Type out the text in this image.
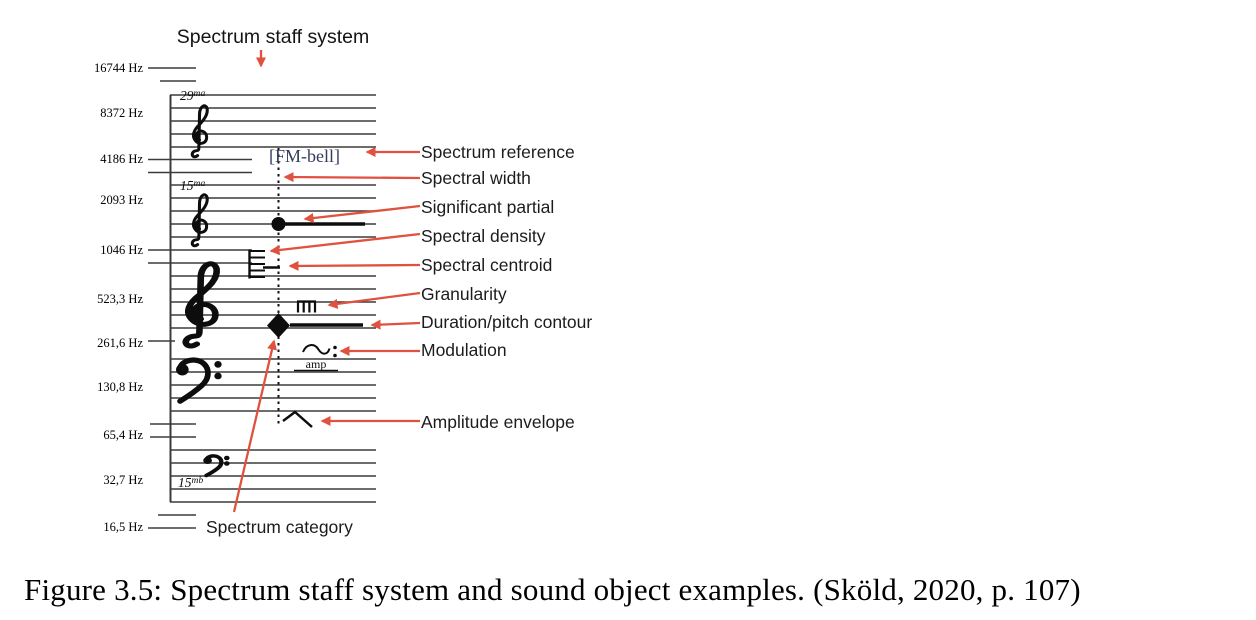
Spectrum staff system
16744 Hz
8372 Hz
4186 Hz
2093 Hz
1046 Hz
523,3 Hz
261,6 Hz
130,8 Hz
65,4 Hz
32,7 Hz
16,5 Hz
$29^{ma}$
$15^{ma}$
$15^{mb}$
[FM-bell]
amp
Spectrum reference
Spectral width
Significant partial
Spectral density
Spectral centroid
Granularity
Duration/pitch contour
Modulation
Amplitude envelope
Spectrum category
Figure 3.5: Spectrum staff system and sound object examples. (Sköld, 2020, p. 107)
